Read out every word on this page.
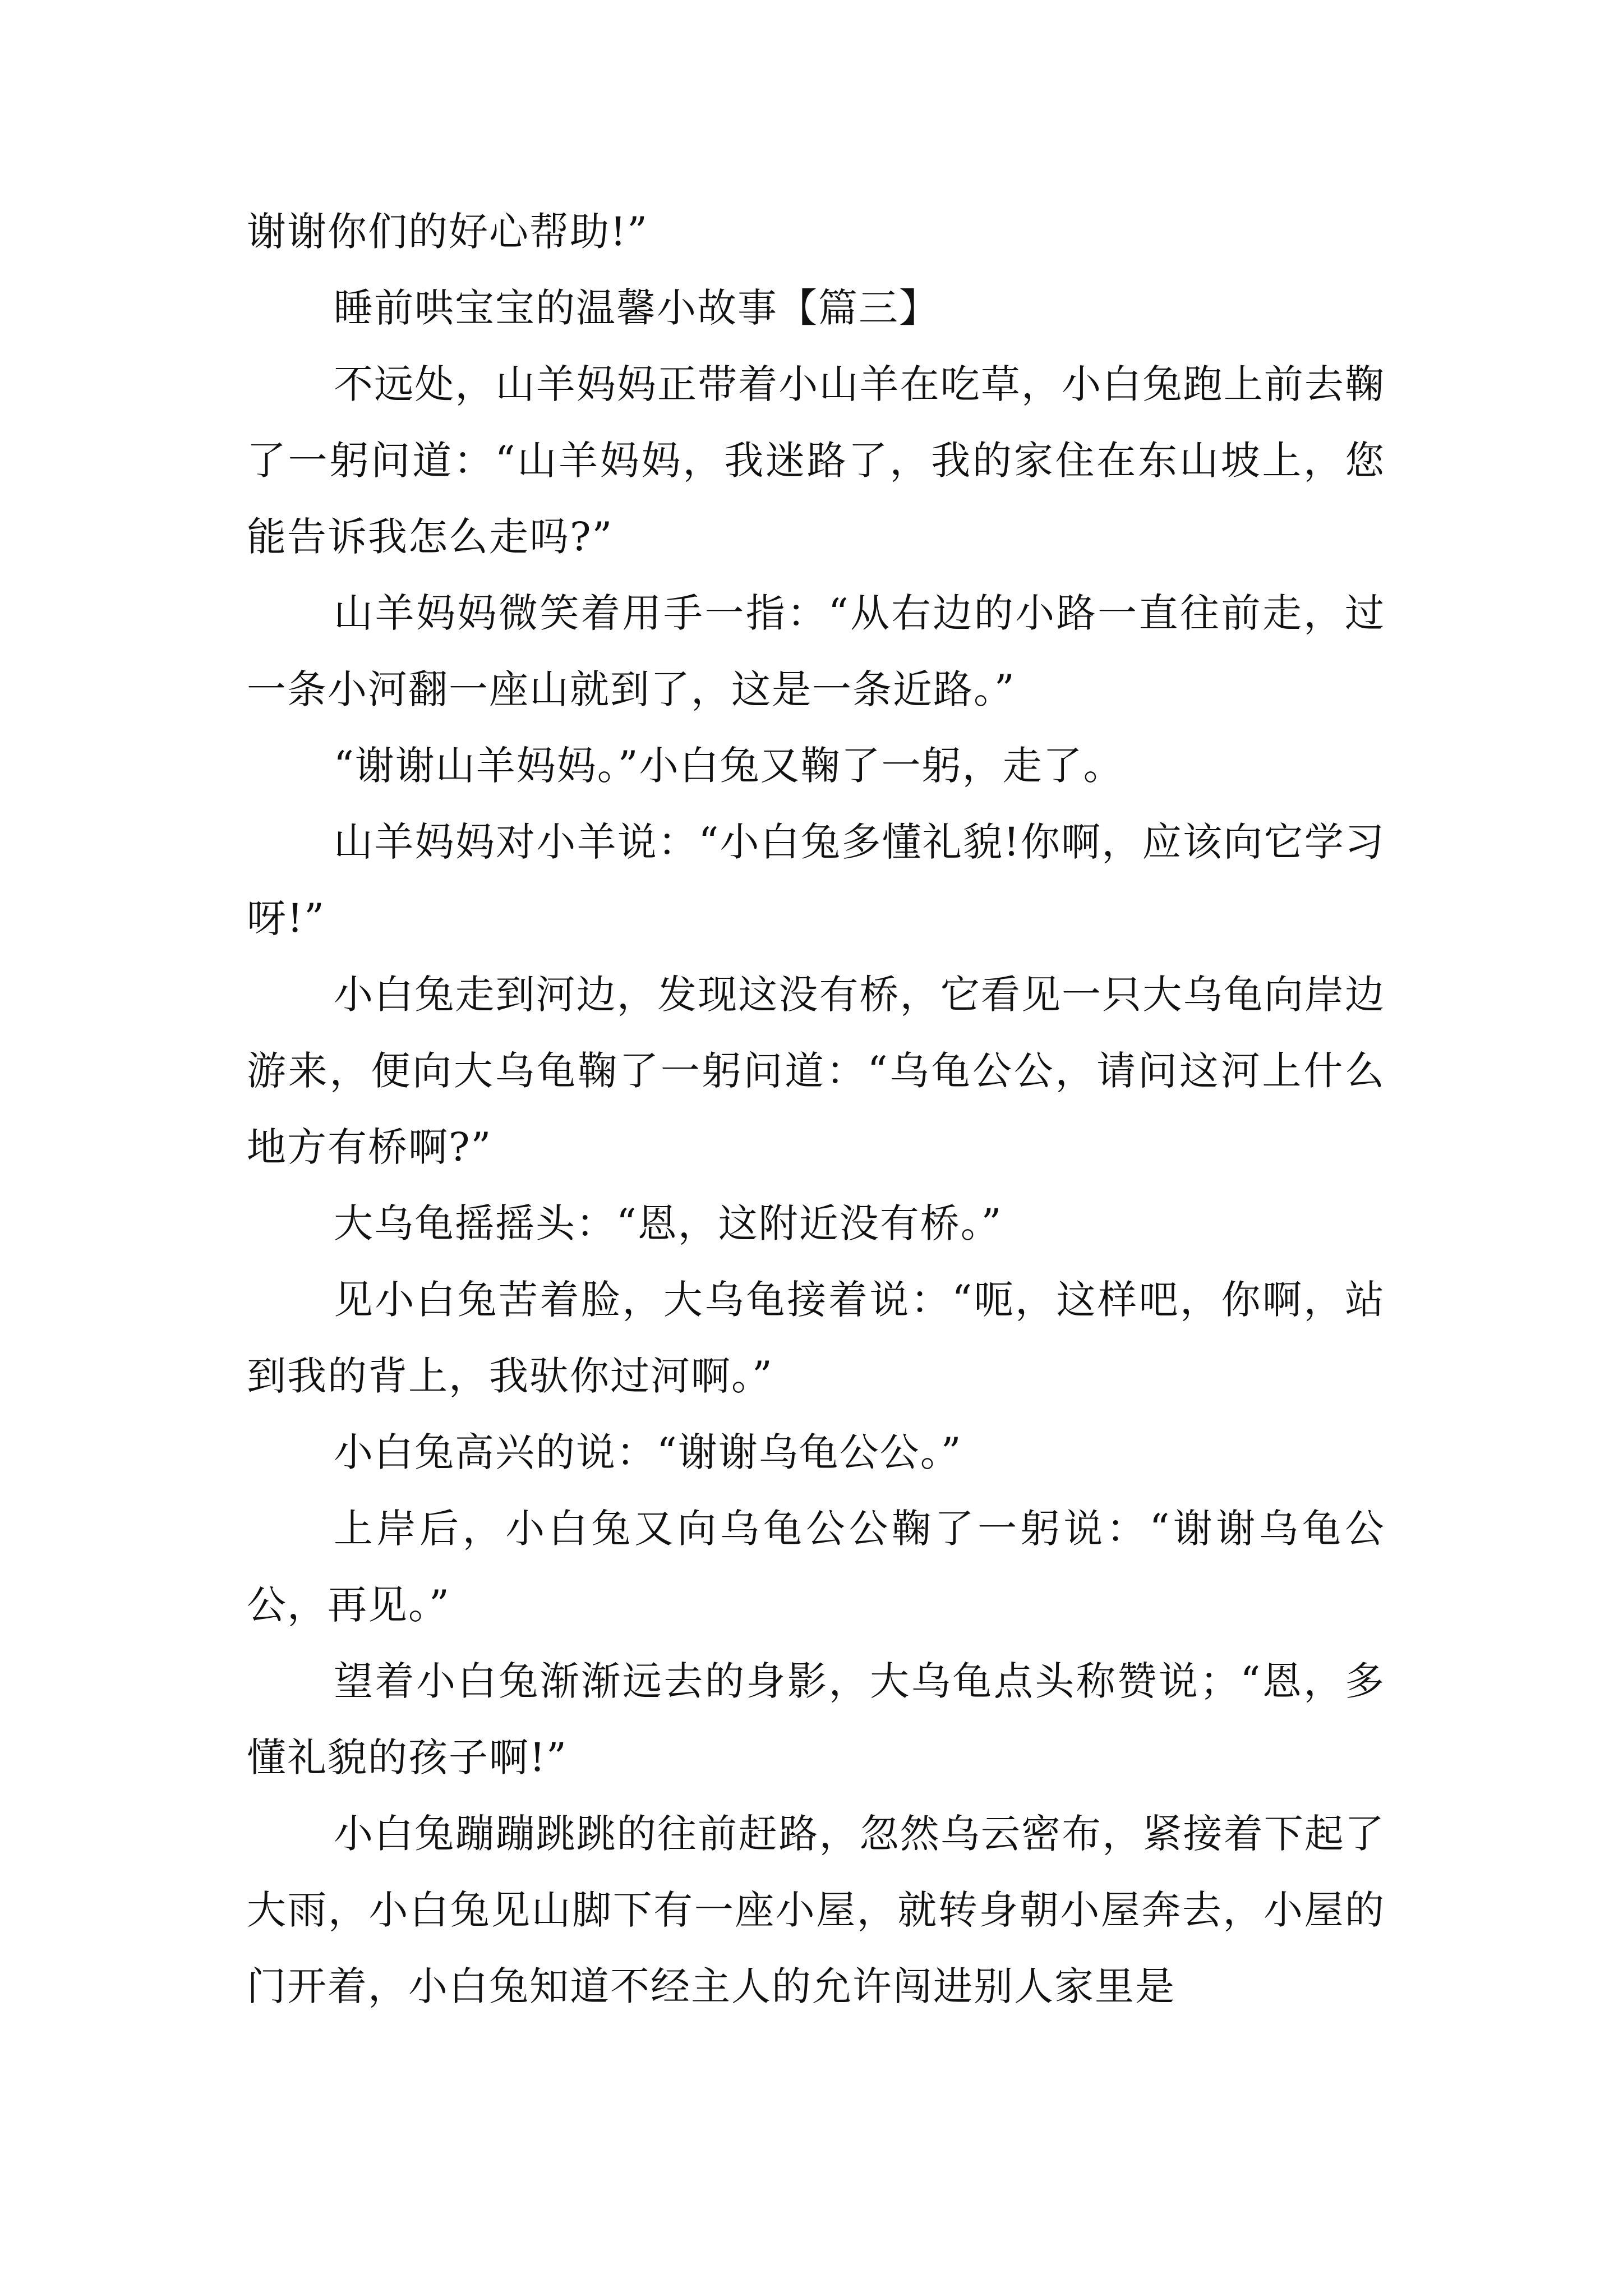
谢谢你们的好心帮助!”

睡前哄宝宝的温馨小故事【篇三】

不远处，山羊妈妈正带着小山羊在吃草，小白兔跑上前去鞠了一躬问道：“山羊妈妈，我迷路了，我的家住在东山坡上，您能告诉我怎么走吗?”

山羊妈妈微笑着用手一指：“从右边的小路一直往前走，过一条小河翻一座山就到了，这是一条近路。”

“谢谢山羊妈妈。”小白兔又鞠了一躬，走了。

山羊妈妈对小羊说：“小白兔多懂礼貌!你啊，应该向它学习呀!”

小白兔走到河边，发现这没有桥，它看见一只大乌龟向岸边游来，便向大乌龟鞠了一躬问道：“乌龟公公，请问这河上什么地方有桥啊?”

大乌龟摇摇头：“恩，这附近没有桥。”

见小白兔苦着脸，大乌龟接着说：“呃，这样吧，你啊，站到我的背上，我驮你过河啊。”

小白兔高兴的说：“谢谢乌龟公公。”

上岸后，小白兔又向乌龟公公鞠了一躬说：“谢谢乌龟公公，再见。”

望着小白兔渐渐远去的身影，大乌龟点头称赞说；“恩，多懂礼貌的孩子啊!”

小白兔蹦蹦跳跳的往前赶路，忽然乌云密布，紧接着下起了大雨，小白兔见山脚下有一座小屋，就转身朝小屋奔去，小屋的门开着，小白兔知道不经主人的允许闯进别人家里是
